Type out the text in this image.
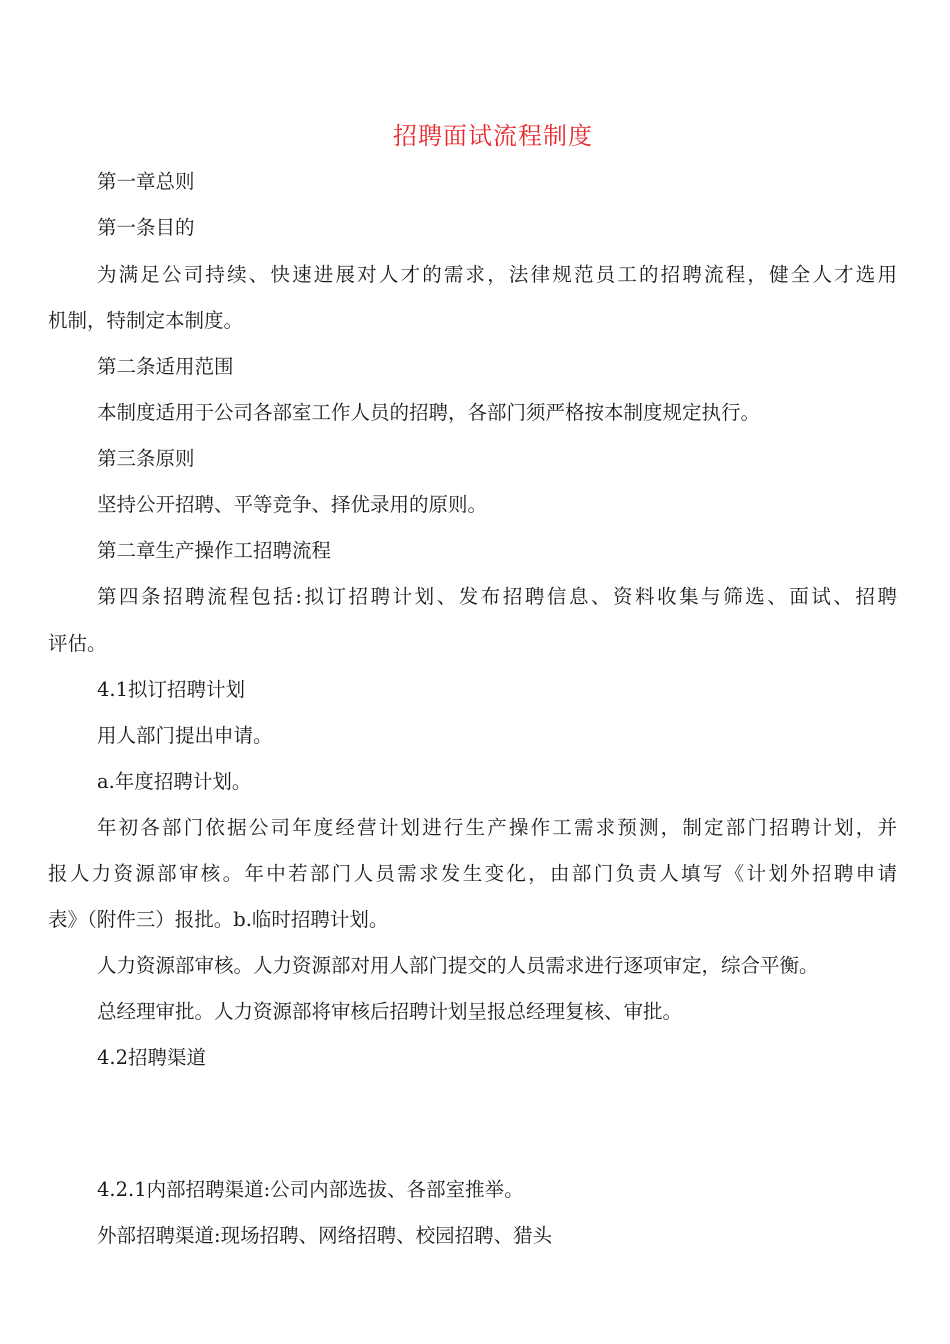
招聘面试流程制度

第一章总则

第一条目的

为满足公司持续、快速进展对人才的需求，法律规范员工的招聘流程，健全人才选用

机制，特制定本制度。

第二条适用范围

本制度适用于公司各部室工作人员的招聘，各部门须严格按本制度规定执行。

第三条原则

坚持公开招聘、平等竞争、择优录用的原则。

第二章生产操作工招聘流程

第四条招聘流程包括:拟订招聘计划、发布招聘信息、资料收集与筛选、面试、招聘

评估。

4.1拟订招聘计划

用人部门提出申请。

a.年度招聘计划。

年初各部门依据公司年度经营计划进行生产操作工需求预测，制定部门招聘计划，并

报人力资源部审核。年中若部门人员需求发生变化，由部门负责人填写《计划外招聘申请

表》（附件三）报批。b.临时招聘计划。

人力资源部审核。人力资源部对用人部门提交的人员需求进行逐项审定，综合平衡。

总经理审批。人力资源部将审核后招聘计划呈报总经理复核、审批。

4.2招聘渠道

4.2.1内部招聘渠道:公司内部选拔、各部室推举。

外部招聘渠道:现场招聘、网络招聘、校园招聘、猎头
